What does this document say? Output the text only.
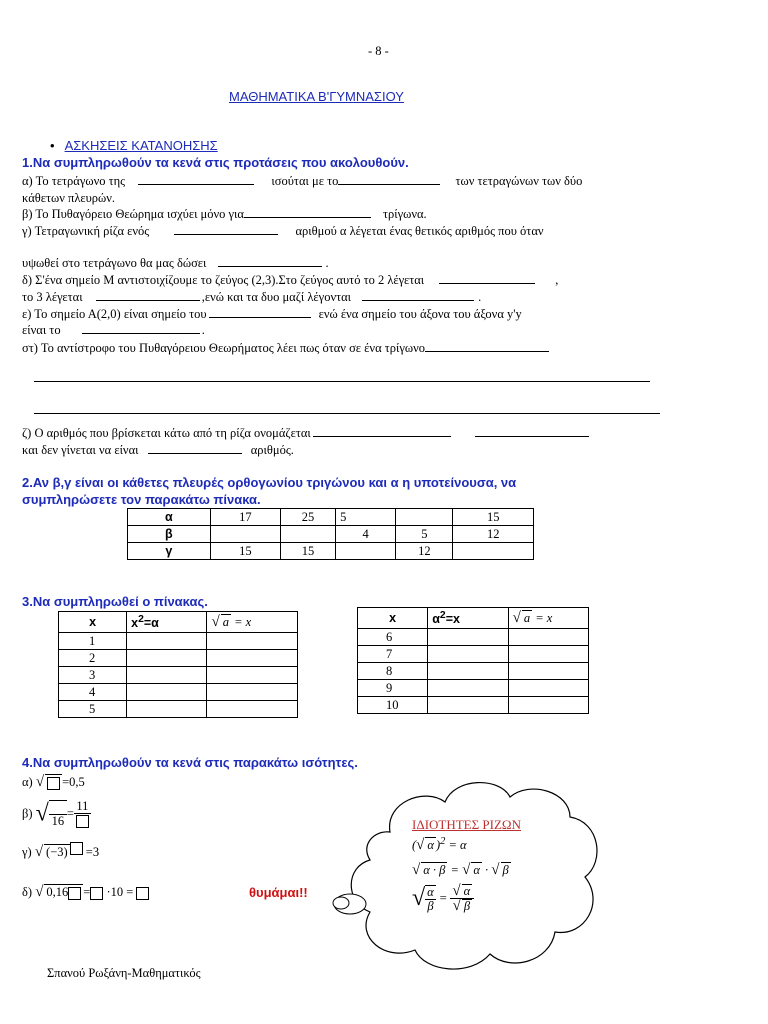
- 8 -
ΜΑΘΗΜΑΤΙΚΑ Β'ΓΥΜΝΑΣΙΟΥ
• ΑΣΚΗΣΕΙΣ ΚΑΤΑΝΟΗΣΗΣ
1.Να συμπληρωθούν τα κενά στις προτάσεις που ακολουθούν.
α) Το τετράγωνο της	ισούται με το	των τετραγώνων των δύο
κάθετων πλευρών.
β) Το Πυθαγόρειο Θεώρημα ισχύει μόνο για	τρίγωνα.
γ) Τετραγωνική ρίζα ενός	αριθμού α λέγεται ένας θετικός αριθμός που όταν
υψωθεί στο τετράγωνο θα μας δώσει	.
δ) Σ'ένα σημείο Μ αντιστοιχίζουμε το ζεύγος (2,3).Στο ζεύγος αυτό το 2 λέγεται	,
το 3 λέγεται	,ενώ και τα δυο μαζί λέγονται	.
ε) Το σημείο Α(2,0) είναι σημείο του	ενώ ένα σημείο του άξονα του άξονα y'y
είναι το	.
στ) Το αντίστροφο του Πυθαγόρειου Θεωρήματος λέει πως όταν σε ένα τρίγωνο
ζ) Ο αριθμός που βρίσκεται κάτω από τη ρίζα ονομάζεται
και δεν γίνεται να είναι	αριθμός.
2.Αν β,γ είναι οι κάθετες πλευρές ορθογωνίου τριγώνου και α η υποτείνουσα, να
συμπληρώσετε τον παρακάτω πίνακα.
α	17	25	5		15
β			4	5	12
γ	15	15		12	
3.Να συμπληρωθεί ο πίνακας.
x	$x^2=\alpha$	√ a = x
1		
2		
3		
4		
5		
x	$\alpha^2=x$	√ a = x
6		
7		
8		
9		
10		
4.Να συμπληρωθούν τα κενά στις παρακάτω ισότητες.
α) √ =0,5
β) √
16
=
11
γ) √ (−3) =3
δ) √ 0,16 = ·10 =	θυμάμαι!!
ΙΔΙΟΤΗΤΕΣ ΡΙΖΩΝ
(√ α )$^2$ = α
√ α · β = √ α · √ β
√ $\frac{\alpha}{\beta} = \frac{√ \alpha}{√ \beta}$
Σπανού Ρωξάνη-Μαθηματικός
